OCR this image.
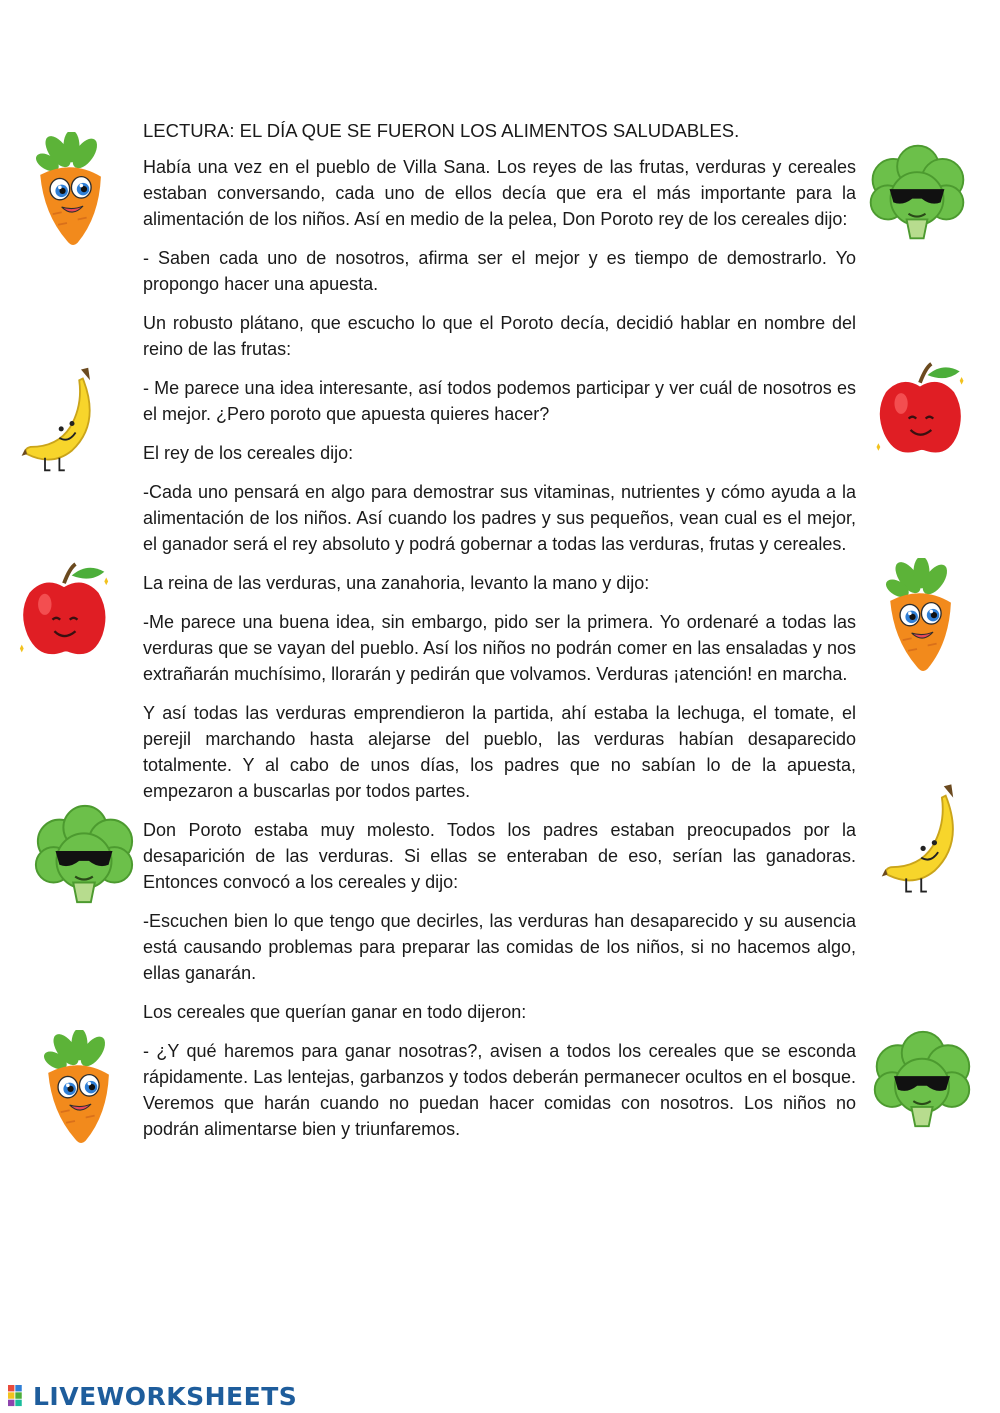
LECTURA: EL DÍA QUE SE FUERON LOS ALIMENTOS SALUDABLES.

Había una vez en el pueblo de Villa Sana. Los reyes de las frutas, verduras y cereales estaban conversando, cada uno de ellos decía que era el más importante para la alimentación de los niños. Así en medio de la pelea, Don Poroto rey de los cereales dijo:

- Saben cada uno de nosotros, afirma ser el mejor y es tiempo de demostrarlo. Yo propongo hacer una apuesta.

Un robusto plátano, que escucho lo que el Poroto decía, decidió hablar en nombre del reino de las frutas:

- Me parece una idea interesante, así todos podemos participar y ver cuál de nosotros es el mejor. ¿Pero poroto que apuesta quieres hacer?

El rey de los cereales dijo:

-Cada uno pensará en algo para demostrar sus vitaminas, nutrientes y cómo ayuda a la alimentación de los niños. Así cuando los padres y sus pequeños, vean cual es el mejor, el ganador será el rey absoluto y podrá gobernar a todas las verduras, frutas y cereales.

La reina de las verduras, una zanahoria, levanto la mano y dijo:

-Me parece una buena idea, sin embargo, pido ser la primera. Yo ordenaré a todas las verduras que se vayan del pueblo. Así los niños no podrán comer en las ensaladas y nos extrañarán muchísimo, llorarán y pedirán que volvamos. Verduras ¡atención! en marcha.

Y así todas las verduras emprendieron la partida, ahí estaba la lechuga, el tomate, el perejil marchando hasta alejarse del pueblo, las verduras habían desaparecido totalmente. Y al cabo de unos días, los padres que no sabían lo de la apuesta, empezaron a buscarlas por todos partes.

Don Poroto estaba muy molesto. Todos los padres estaban preocupados por la desaparición de las verduras. Si ellas se enteraban de eso, serían las ganadoras. Entonces convocó a los cereales y dijo:

-Escuchen bien lo que tengo que decirles, las verduras han desaparecido y su ausencia está causando problemas para preparar las comidas de los niños, si no hacemos algo, ellas ganarán.

Los cereales que querían ganar en todo dijeron:

- ¿Y qué haremos para ganar nosotras?, avisen a todos los cereales que se esconda rápidamente. Las lentejas, garbanzos y todos deberán permanecer ocultos en el bosque. Veremos que harán cuando no puedan hacer comidas con nosotros. Los niños no podrán alimentarse bien y triunfaremos.

LIVEWORKSHEETS
